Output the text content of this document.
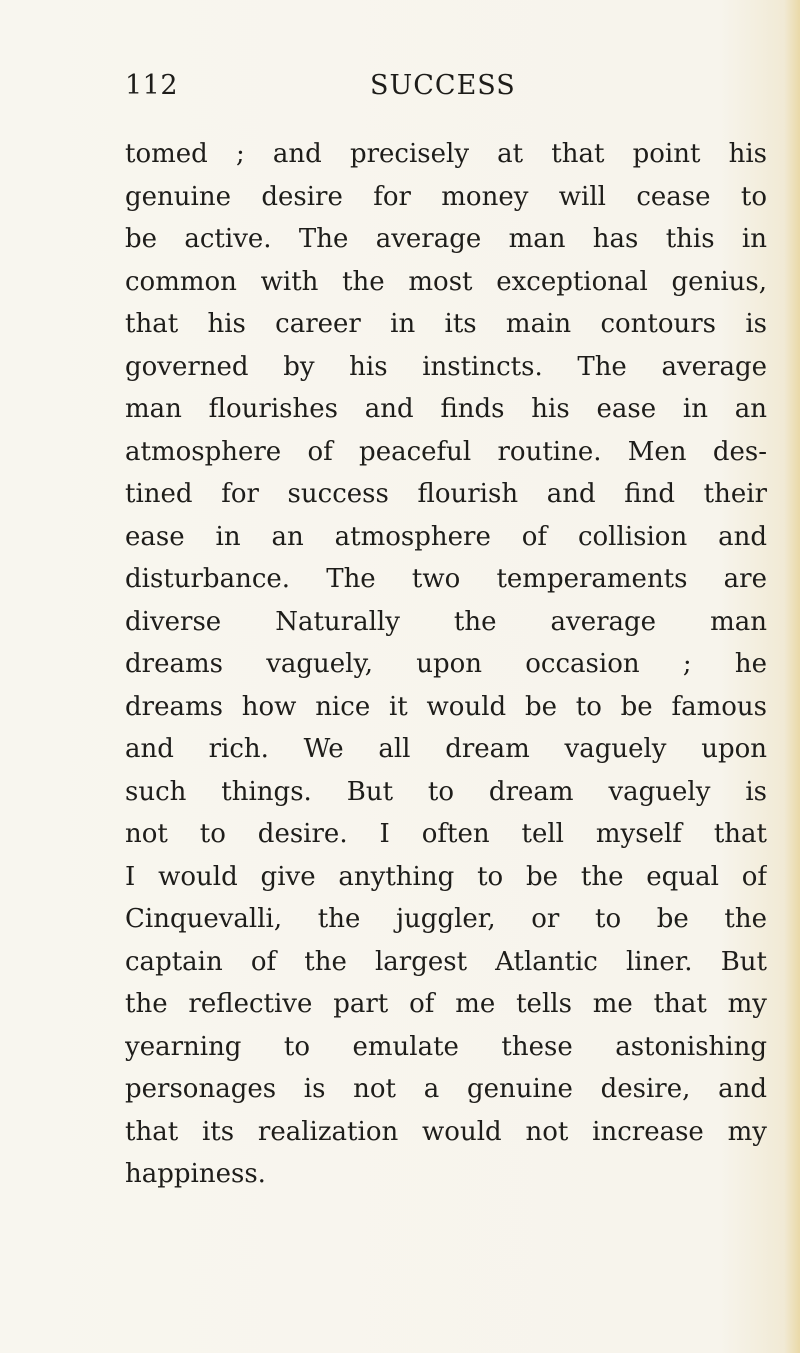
112	SUCCESS
tomed ; and precisely at that point his
genuine desire for money will cease to
be active. The average man has this in
common with the most exceptional genius,
that his career in its main contours is
governed by his instincts. The average
man flourishes and finds his ease in an
atmosphere of peaceful routine. Men des-
tined for success flourish and find their
ease in an atmosphere of collision and
disturbance. The two temperaments are
diverse Naturally the average man
dreams vaguely, upon occasion ; he
dreams how nice it would be to be famous
and rich. We all dream vaguely upon
such things. But to dream vaguely is
not to desire. I often tell myself that
I would give anything to be the equal of
Cinquevalli, the juggler, or to be the
captain of the largest Atlantic liner. But
the reflective part of me tells me that my
yearning to emulate these astonishing
personages is not a genuine desire, and
that its realization would not increase my
happiness.
